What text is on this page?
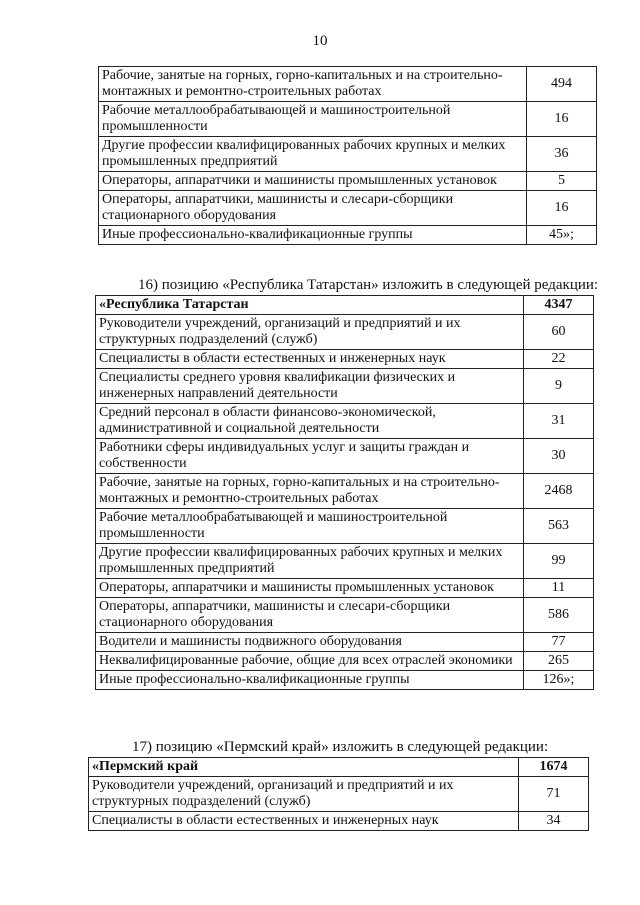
10
Рабочие, занятые на горных, горно-капитальных и на строительно-монтажных и ремонтно-строительных работах	494
Рабочие металлообрабатывающей и машиностроительной промышленности	16
Другие профессии квалифицированных рабочих крупных и мелких промышленных предприятий	36
Операторы, аппаратчики и машинисты промышленных установок	5
Операторы, аппаратчики, машинисты и слесари-сборщики стационарного оборудования	16
Иные профессионально-квалификационные группы	45»;
16) позицию «Республика Татарстан» изложить в следующей редакции:
«Республика Татарстан	4347
Руководители учреждений, организаций и предприятий и их структурных подразделений (служб)	60
Специалисты в области естественных и инженерных наук	22
Специалисты среднего уровня квалификации физических и инженерных направлений деятельности	9
Средний персонал в области финансово-экономической, административной и социальной деятельности	31
Работники сферы индивидуальных услуг и защиты граждан и собственности	30
Рабочие, занятые на горных, горно-капитальных и на строительно-монтажных и ремонтно-строительных работах	2468
Рабочие металлообрабатывающей и машиностроительной промышленности	563
Другие профессии квалифицированных рабочих крупных и мелких промышленных предприятий	99
Операторы, аппаратчики и машинисты промышленных установок	11
Операторы, аппаратчики, машинисты и слесари-сборщики стационарного оборудования	586
Водители и машинисты подвижного оборудования	77
Неквалифицированные рабочие, общие для всех отраслей экономики	265
Иные профессионально-квалификационные группы	126»;
17) позицию «Пермский край» изложить в следующей редакции:
«Пермский край	1674
Руководители учреждений, организаций и предприятий и их структурных подразделений (служб)	71
Специалисты в области естественных и инженерных наук	34
